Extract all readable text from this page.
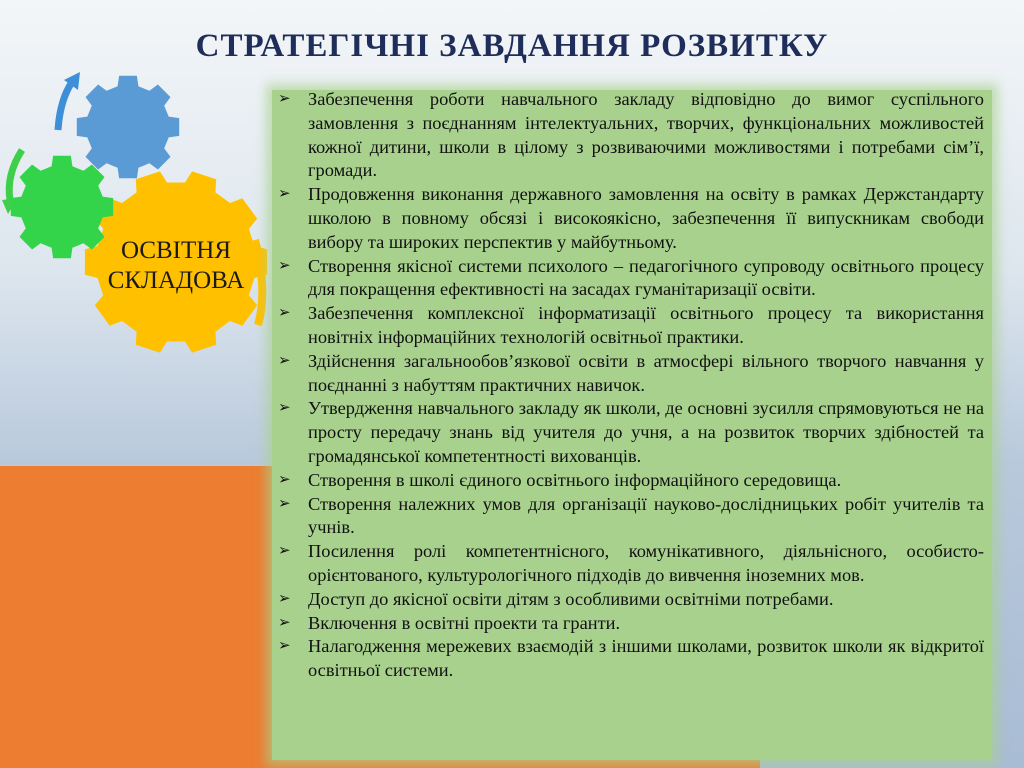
СТРАТЕГІЧНІ ЗАВДАННЯ РОЗВИТКУ
ОСВІТНЯ
СКЛАДОВА
➢ Забезпечення роботи навчального закладу відповідно до вимог суспільного замовлення з поєднанням інтелектуальних, творчих, функціональних можливостей кожної дитини, школи в цілому з розвиваючими можливостями і потребами сім’ї, громади.
➢ Продовження виконання державного замовлення на освіту в рамках Держстандарту школою в повному обсязі і високоякісно, забезпечення її випускникам свободи вибору та широких перспектив у майбутньому.
➢ Створення якісної системи психолого – педагогічного супроводу освітнього процесу для покращення ефективності на засадах гуманітаризації освіти.
➢ Забезпечення комплексної інформатизації освітнього процесу та використання новітніх інформаційних технологій освітньої практики.
➢ Здійснення загальнообов’язкової освіти в атмосфері вільного творчого навчання у поєднанні з набуттям практичних навичок.
➢ Утвердження навчального закладу як школи, де основні зусилля спрямовуються не на просту передачу знань від учителя до учня, а на розвиток творчих здібностей та громадянської компетентності вихованців.
➢ Створення в школі єдиного освітнього інформаційного середовища.
➢ Створення належних умов для організації науково-дослідницьких робіт учителів та учнів.
➢ Посилення ролі компетентнісного, комунікативного, діяльнісного, особисто-орієнтованого, культурологічного підходів до вивчення іноземних мов.
➢ Доступ до якісної освіти дітям з особливими освітніми потребами.
➢ Включення в освітні проекти та гранти.
➢ Налагодження мережевих взаємодій з іншими школами, розвиток школи як відкритої освітньої системи.
